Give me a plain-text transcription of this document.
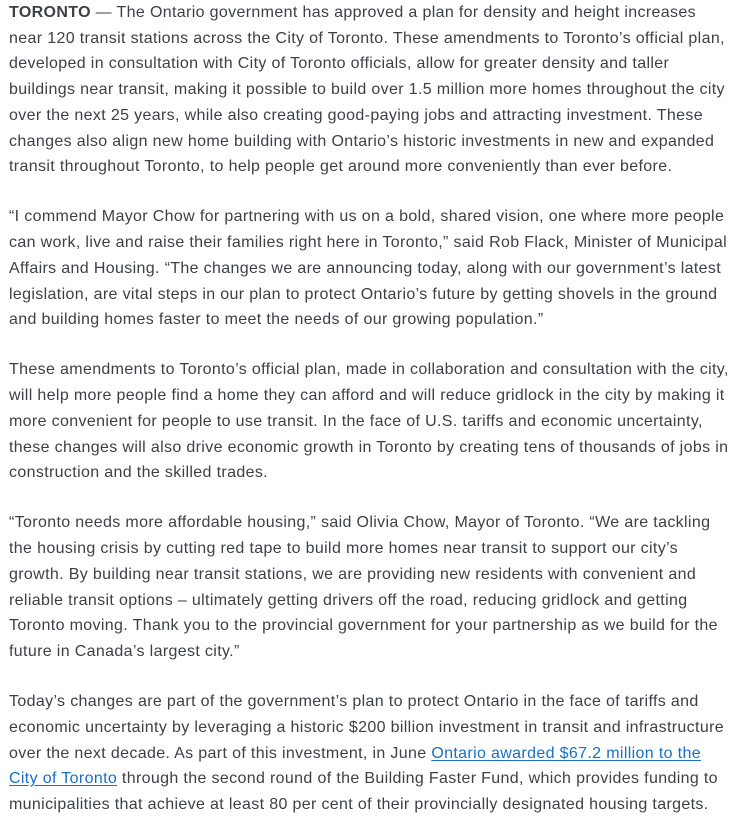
TORONTO — The Ontario government has approved a plan for density and height increases near 120 transit stations across the City of Toronto. These amendments to Toronto’s official plan, developed in consultation with City of Toronto officials, allow for greater density and taller buildings near transit, making it possible to build over 1.5 million more homes throughout the city over the next 25 years, while also creating good-paying jobs and attracting investment. These changes also align new home building with Ontario’s historic investments in new and expanded transit throughout Toronto, to help people get around more conveniently than ever before.

“I commend Mayor Chow for partnering with us on a bold, shared vision, one where more people can work, live and raise their families right here in Toronto,” said Rob Flack, Minister of Municipal Affairs and Housing. “The changes we are announcing today, along with our government’s latest legislation, are vital steps in our plan to protect Ontario’s future by getting shovels in the ground and building homes faster to meet the needs of our growing population.”

These amendments to Toronto’s official plan, made in collaboration and consultation with the city, will help more people find a home they can afford and will reduce gridlock in the city by making it more convenient for people to use transit. In the face of U.S. tariffs and economic uncertainty, these changes will also drive economic growth in Toronto by creating tens of thousands of jobs in construction and the skilled trades.

“Toronto needs more affordable housing,” said Olivia Chow, Mayor of Toronto. “We are tackling the housing crisis by cutting red tape to build more homes near transit to support our city’s growth. By building near transit stations, we are providing new residents with convenient and reliable transit options – ultimately getting drivers off the road, reducing gridlock and getting Toronto moving. Thank you to the provincial government for your partnership as we build for the future in Canada’s largest city.”

Today’s changes are part of the government’s plan to protect Ontario in the face of tariffs and economic uncertainty by leveraging a historic $200 billion investment in transit and infrastructure over the next decade. As part of this investment, in June Ontario awarded $67.2 million to the City of Toronto through the second round of the Building Faster Fund, which provides funding to municipalities that achieve at least 80 per cent of their provincially designated housing targets.
